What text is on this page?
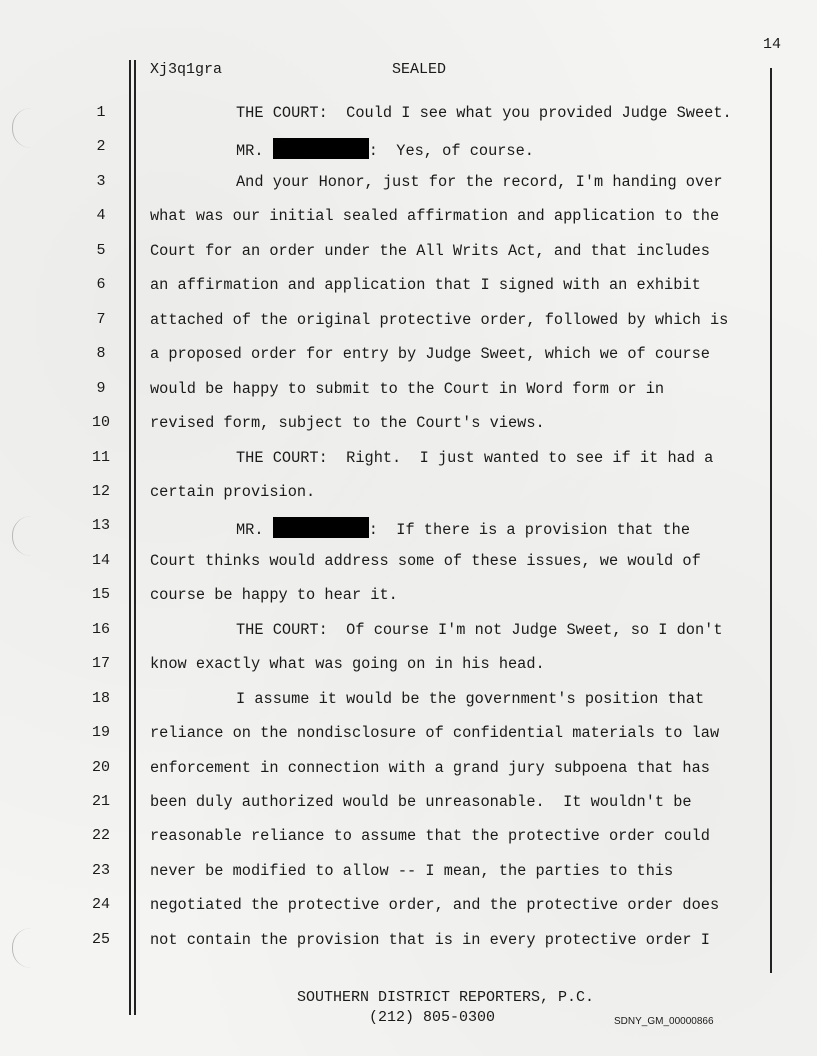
14
Xj3q1gra	SEALED
1	THE COURT:  Could I see what you provided Judge Sweet.
2	MR.	:  Yes, of course.
3	And your Honor, just for the record, I'm handing over
4	what was our initial sealed affirmation and application to the
5	Court for an order under the All Writs Act, and that includes
6	an affirmation and application that I signed with an exhibit
7	attached of the original protective order, followed by which is
8	a proposed order for entry by Judge Sweet, which we of course
9	would be happy to submit to the Court in Word form or in
10	revised form, subject to the Court's views.
11	THE COURT:  Right.  I just wanted to see if it had a
12	certain provision.
13	MR.	:  If there is a provision that the
14	Court thinks would address some of these issues, we would of
15	course be happy to hear it.
16	THE COURT:  Of course I'm not Judge Sweet, so I don't
17	know exactly what was going on in his head.
18	I assume it would be the government's position that
19	reliance on the nondisclosure of confidential materials to law
20	enforcement in connection with a grand jury subpoena that has
21	been duly authorized would be unreasonable.  It wouldn't be
22	reasonable reliance to assume that the protective order could
23	never be modified to allow -- I mean, the parties to this
24	negotiated the protective order, and the protective order does
25	not contain the provision that is in every protective order I
SOUTHERN DISTRICT REPORTERS, P.C.
(212) 805-0300	SDNY_GM_00000866
